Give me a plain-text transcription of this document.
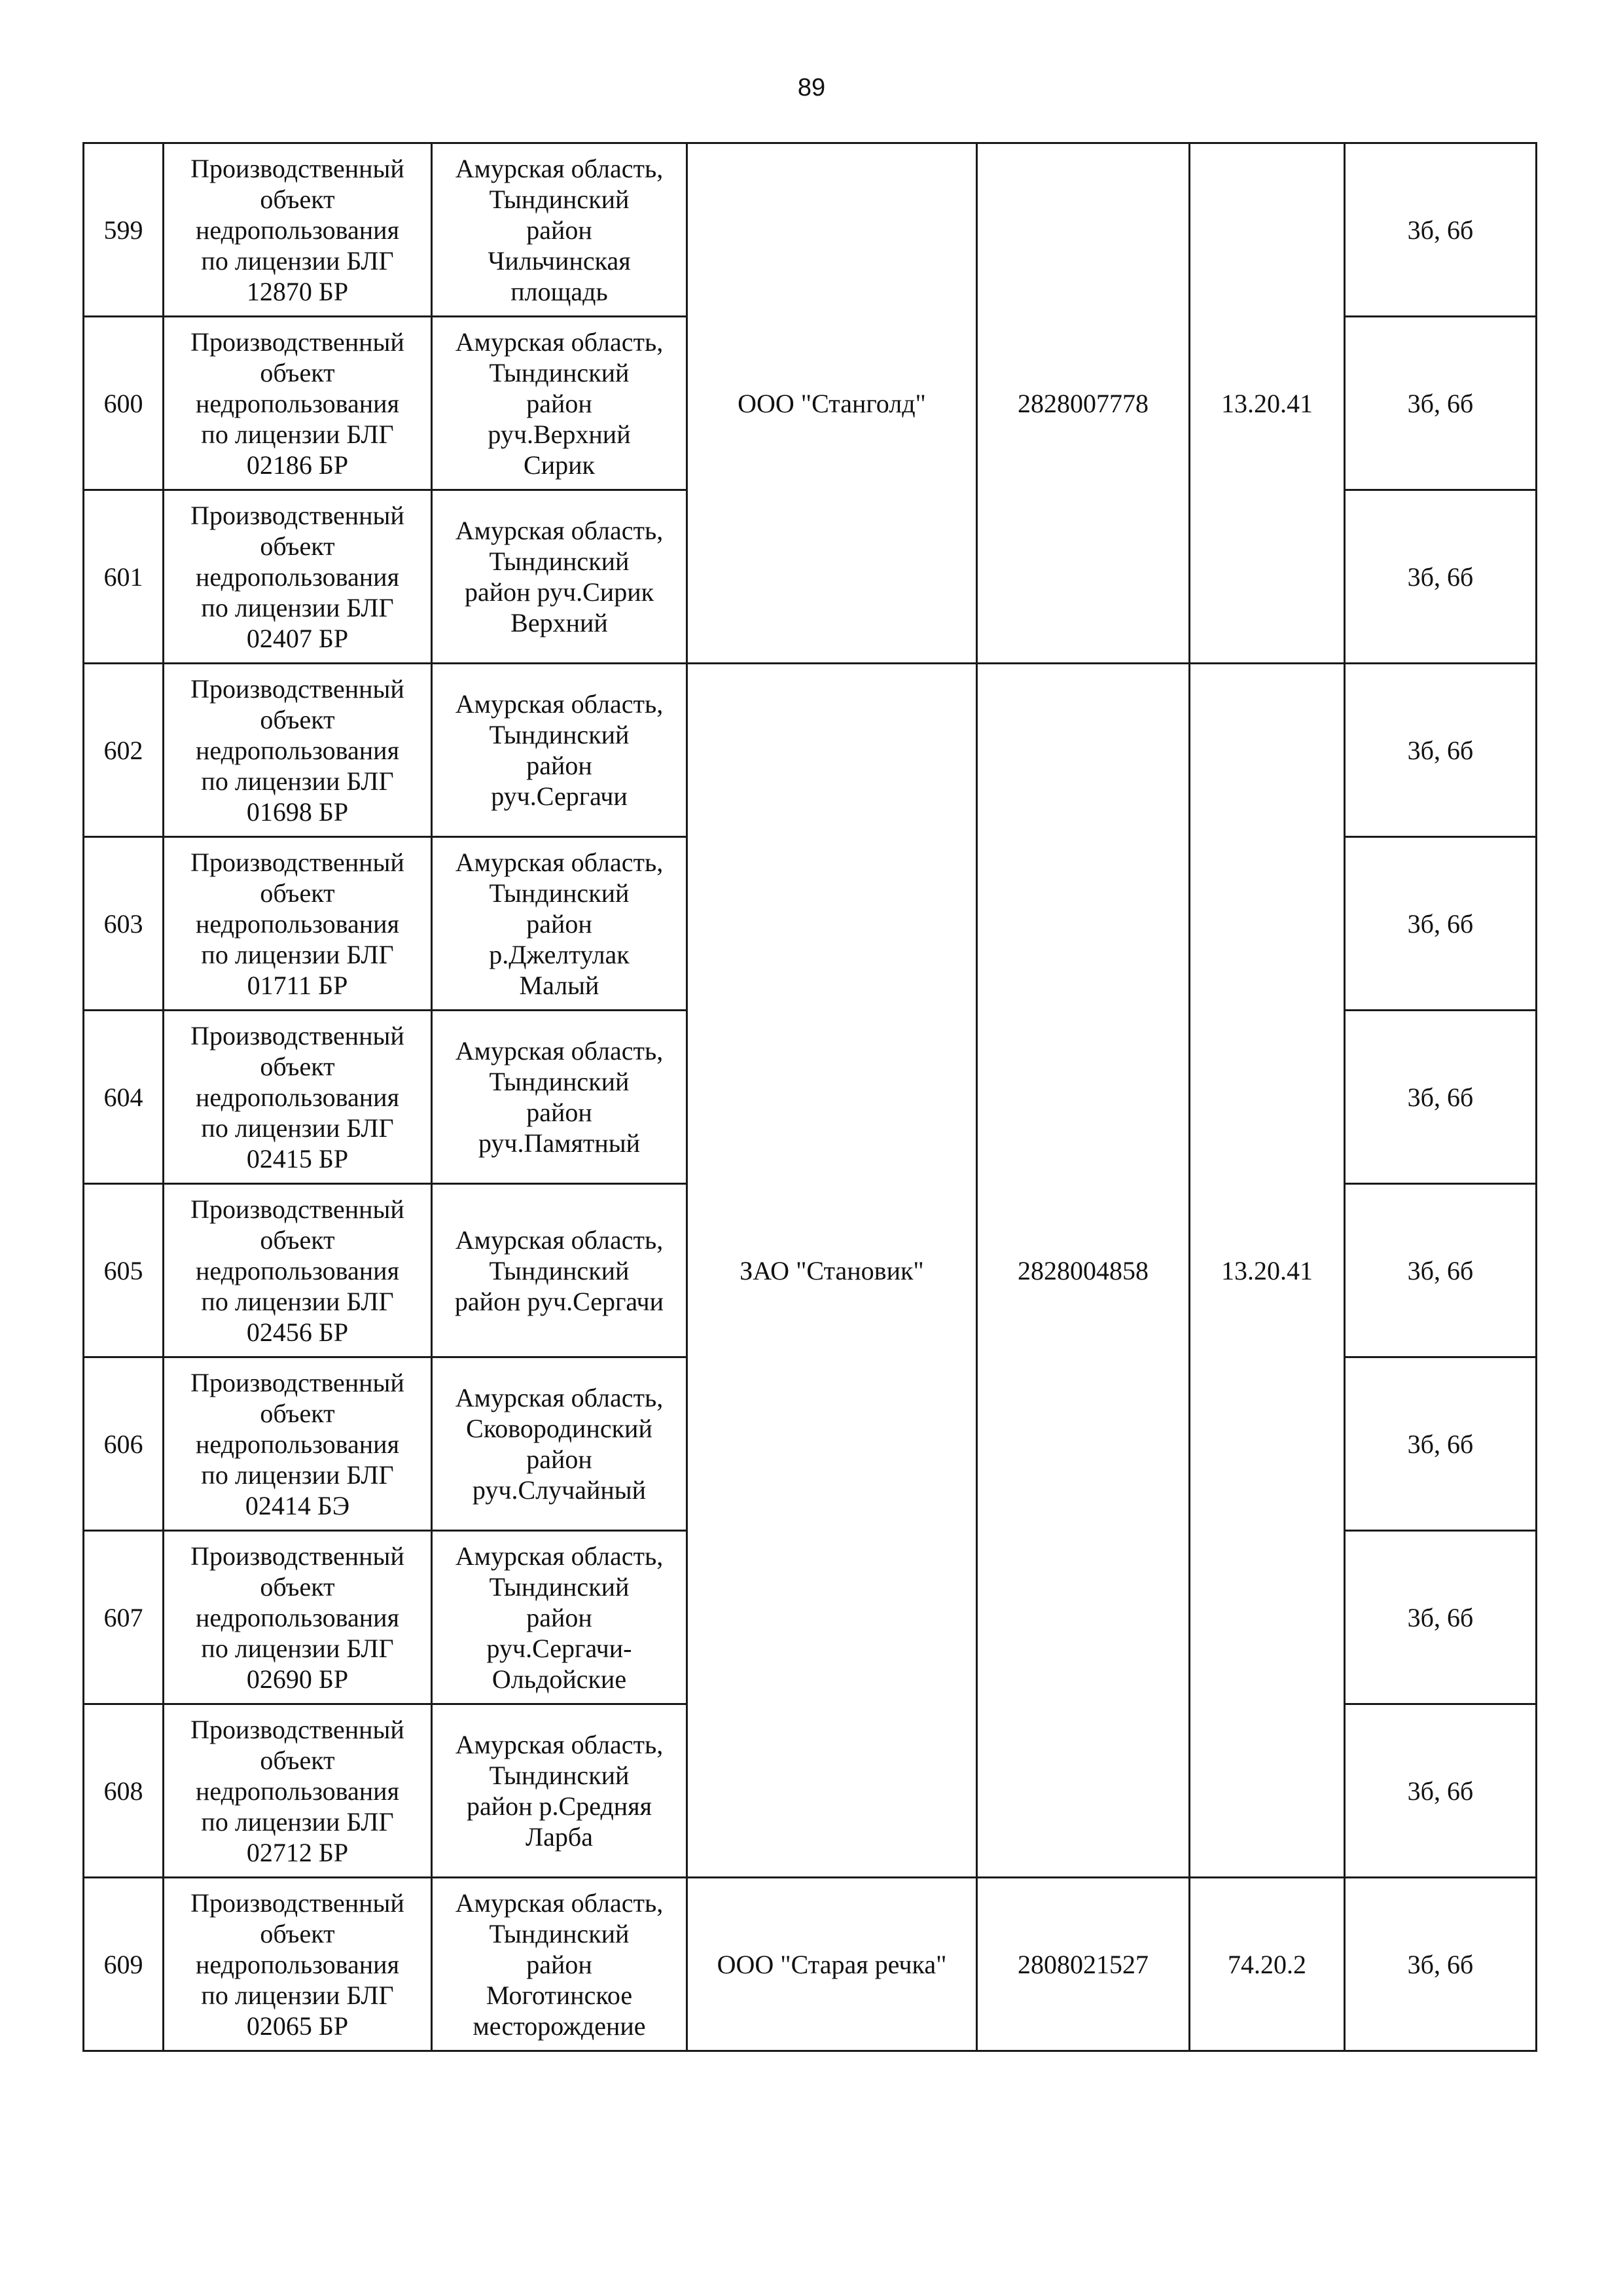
89
599	Производственный
объект
недропользования
по лицензии БЛГ
12870 БР	Амурская область,
Тындинский
район
Чильчинская
площадь	ООО "Станголд"	2828007778	13.20.41	3б, 6б
600	Производственный
объект
недропользования
по лицензии БЛГ
02186 БР	Амурская область,
Тындинский
район
руч.Верхний
Сирик				3б, 6б
601	Производственный
объект
недропользования
по лицензии БЛГ
02407 БР	Амурская область,
Тындинский
район руч.Сирик
Верхний				3б, 6б
602	Производственный
объект
недропользования
по лицензии БЛГ
01698 БР	Амурская область,
Тындинский
район
руч.Сергачи	ЗАО "Становик"	2828004858	13.20.41	3б, 6б
603	Производственный
объект
недропользования
по лицензии БЛГ
01711 БР	Амурская область,
Тындинский
район
р.Джелтулак
Малый				3б, 6б
604	Производственный
объект
недропользования
по лицензии БЛГ
02415 БР	Амурская область,
Тындинский
район
руч.Памятный				3б, 6б
605	Производственный
объект
недропользования
по лицензии БЛГ
02456 БР	Амурская область,
Тындинский
район руч.Сергачи				3б, 6б
606	Производственный
объект
недропользования
по лицензии БЛГ
02414 БЭ	Амурская область,
Сковородинский
район
руч.Случайный				3б, 6б
607	Производственный
объект
недропользования
по лицензии БЛГ
02690 БР	Амурская область,
Тындинский
район
руч.Сергачи-
Ольдойские				3б, 6б
608	Производственный
объект
недропользования
по лицензии БЛГ
02712 БР	Амурская область,
Тындинский
район р.Средняя
Ларба				3б, 6б
609	Производственный
объект
недропользования
по лицензии БЛГ
02065 БР	Амурская область,
Тындинский
район
Моготинское
месторождение	ООО "Старая речка"	2808021527	74.20.2	3б, 6б
